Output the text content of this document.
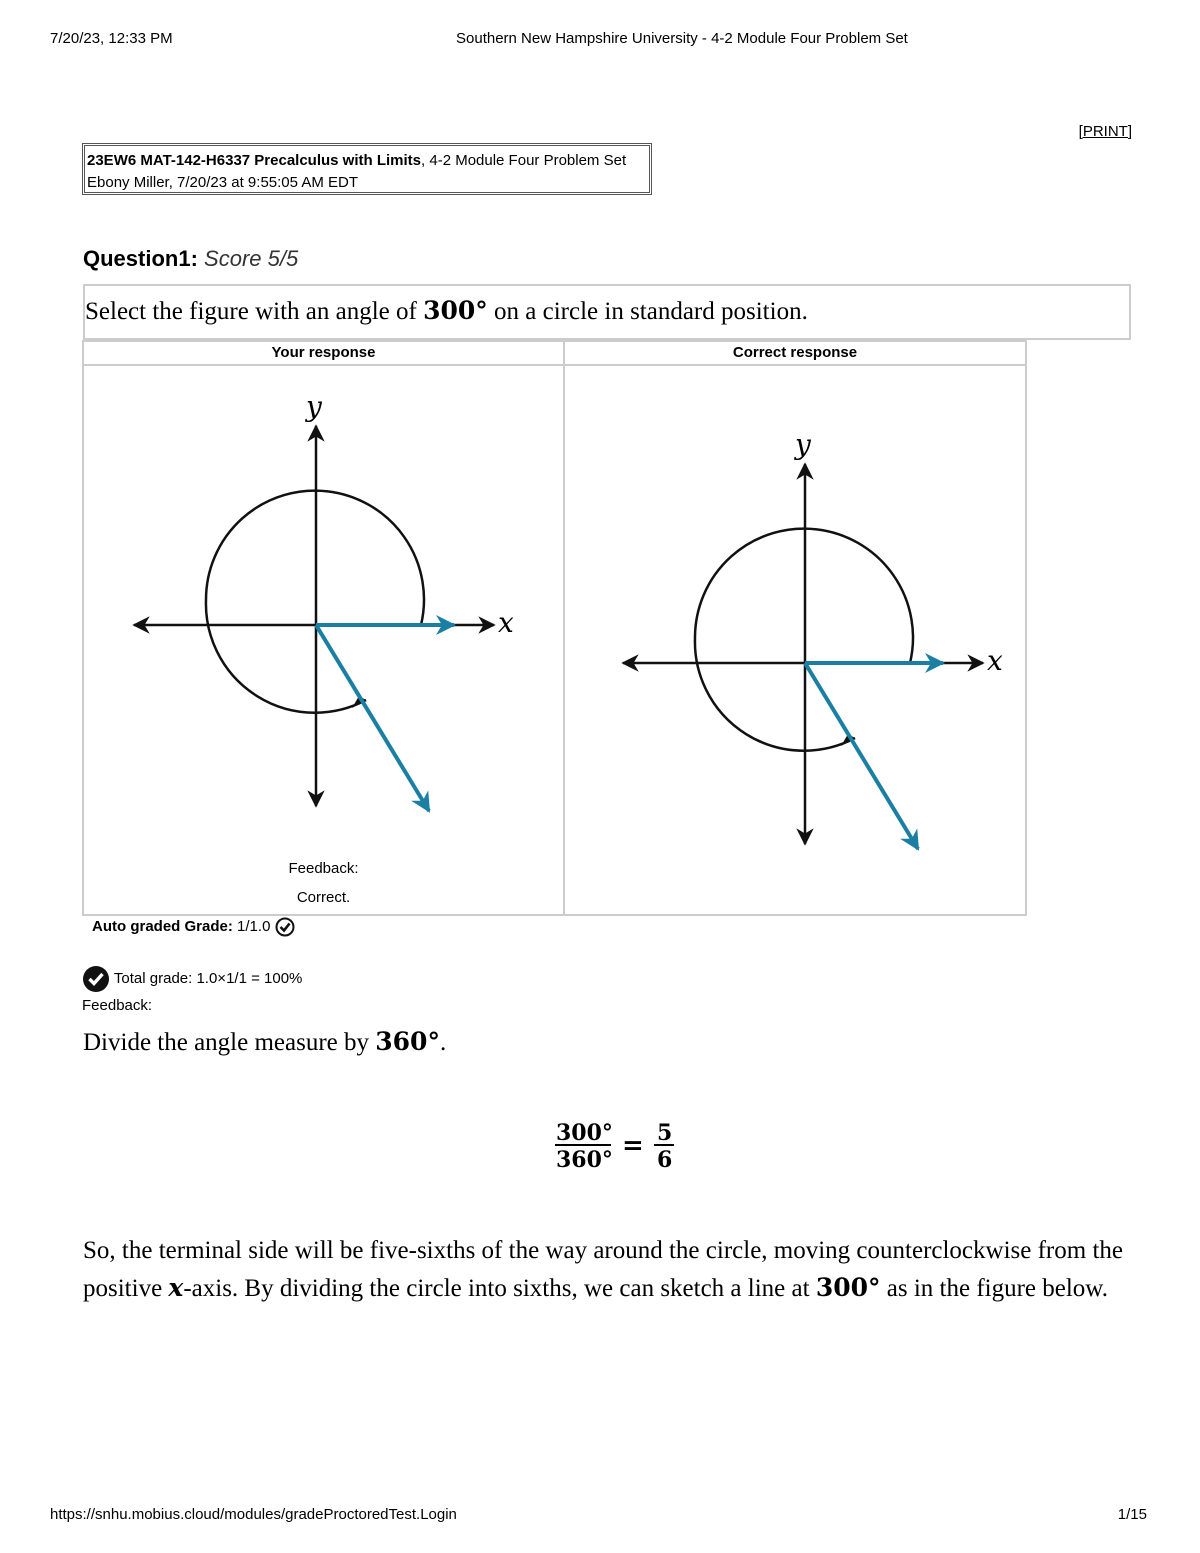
7/20/23, 12:33 PM	Southern New Hampshire University - 4-2 Module Four Problem Set
[PRINT]
23EW6 MAT-142-H6337 Precalculus with Limits, 4-2 Module Four Problem Set
Ebony Miller, 7/20/23 at 9:55:05 AM EDT
Question1: Score 5/5
Select the figure with an angle of 300° on a circle in standard position.
Your response	Correct response
x
y
Feedback:
Correct.
x
y
Auto graded Grade: 1/1.0
Total grade: 1.0×1/1 = 100%
Feedback:
Divide the angle measure by 360°.
300°
360° = 5
6
So, the terminal side will be five-sixths of the way around the circle, moving counterclockwise from the positive x-axis. By dividing the circle into sixths, we can sketch a line at 300° as in the figure below.
https://snhu.mobius.cloud/modules/gradeProctoredTest.Login	1/15
